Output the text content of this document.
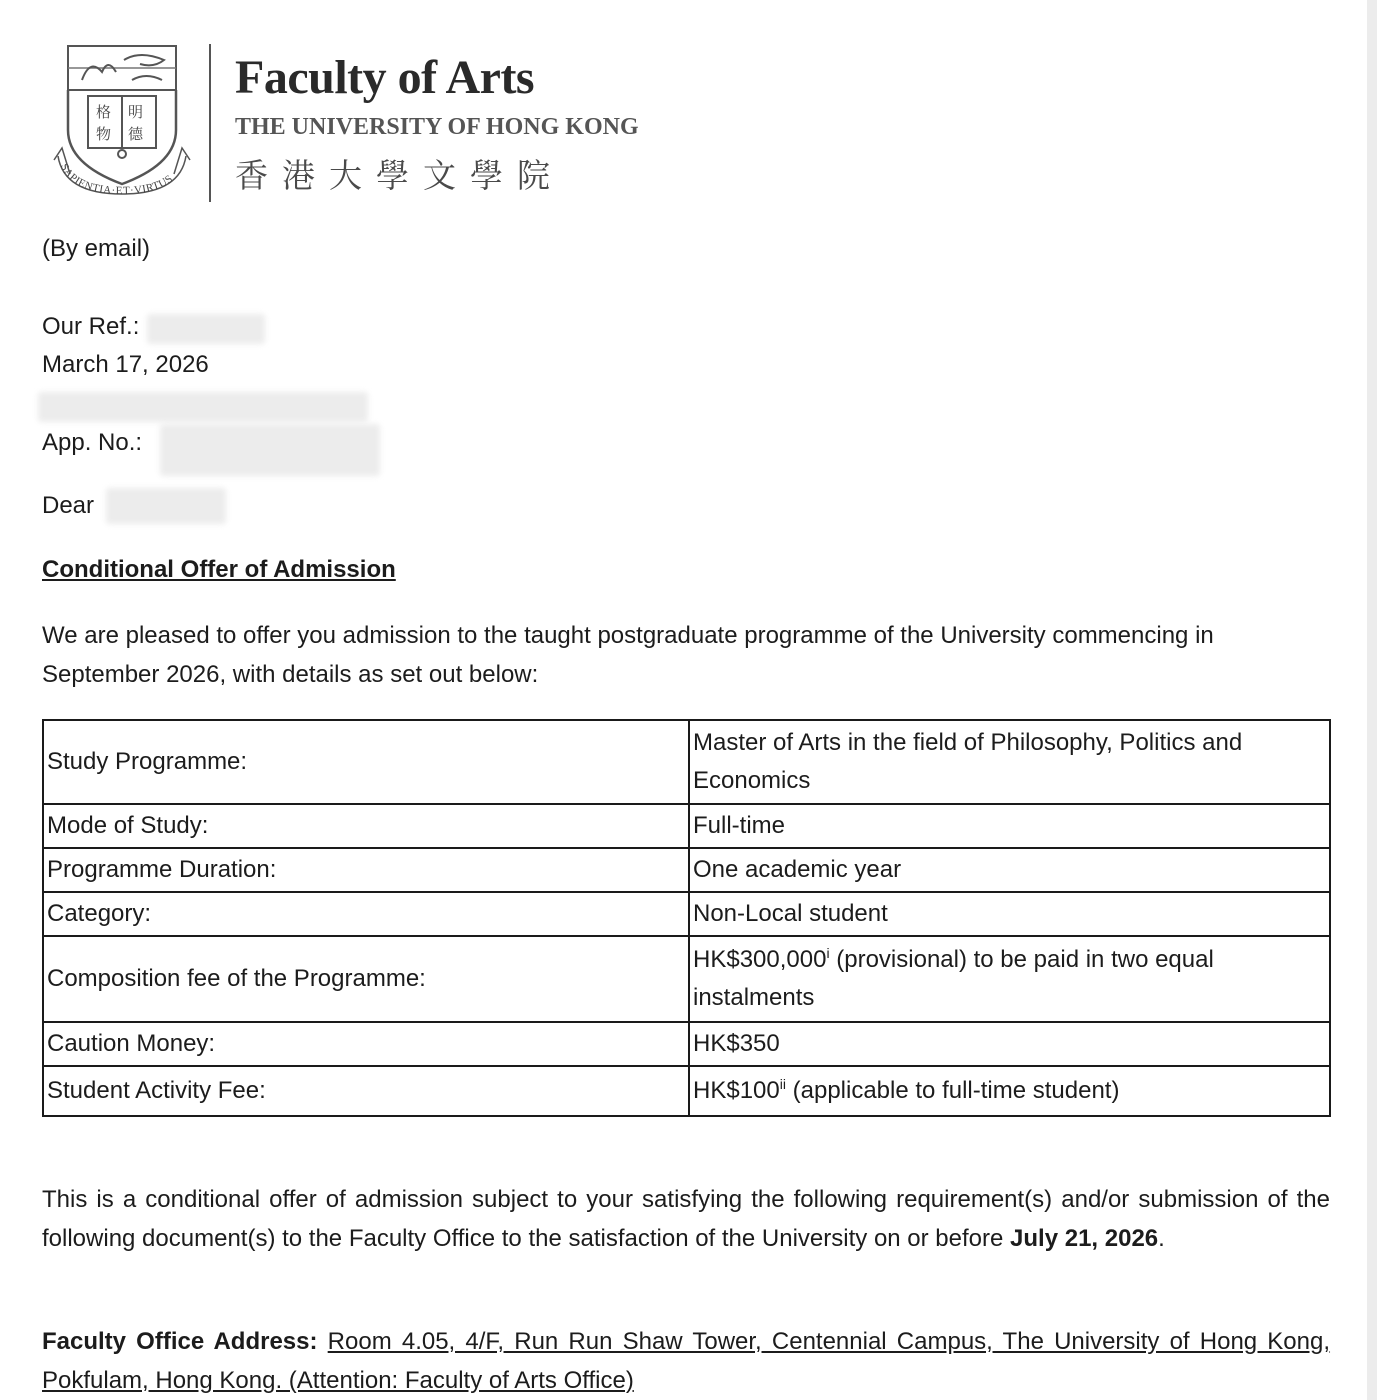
格 明
物 德
SAPIENTIA·ET·VIRTUS
Faculty of Arts
THE UNIVERSITY OF HONG KONG
香港大學文學院
(By email)
Our Ref.:
March 17, 2026
App. No.:
Dear
Conditional Offer of Admission

We are pleased to offer you admission to the taught postgraduate programme of the University commencing in September 2026, with details as set out below:

Study Programme:	Master of Arts in the field of Philosophy, Politics and Economics
Mode of Study:	Full-time
Programme Duration:	One academic year
Category:	Non-Local student
Composition fee of the Programme:	HK$300,000$^i$ (provisional) to be paid in two equal instalments
Caution Money:	HK$350
Student Activity Fee:	HK$100$^{ii}$ (applicable to full-time student)

This is a conditional offer of admission subject to your satisfying the following requirement(s) and/or submission of the following document(s) to the Faculty Office to the satisfaction of the University on or before July 21, 2026.

Faculty Office Address: Room 4.05, 4/F, Run Run Shaw Tower, Centennial Campus, The University of Hong Kong, Pokfulam, Hong Kong. (Attention: Faculty of Arts Office)
